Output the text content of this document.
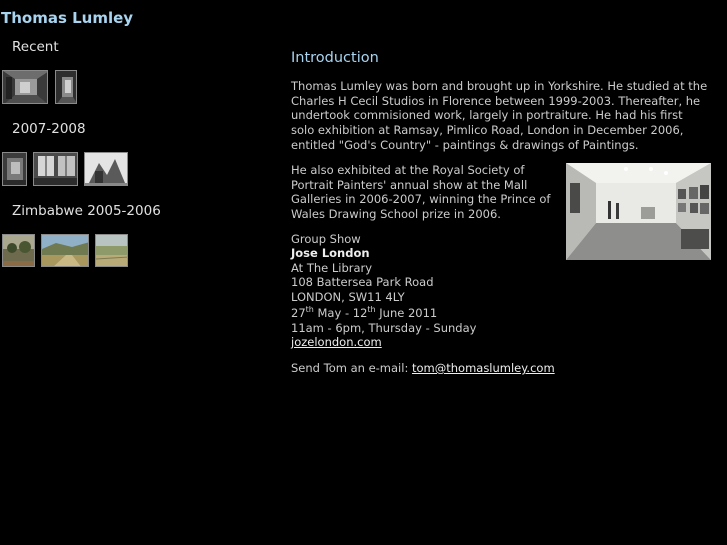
Thomas Lumley
Recent
2007-2008
Zimbabwe 2005-2006
Introduction

Thomas Lumley was born and brought up in Yorkshire. He studied at the Charles H Cecil Studios in Florence between 1999-2003. Thereafter, he undertook commisioned work, largely in portraiture. He had his first solo exhibition at Ramsay, Pimlico Road, London in December 2006, entitled "God's Country" - paintings & drawings of Paintings.

He also exhibited at the Royal Society of Portrait Painters' annual show at the Mall Galleries in 2006-2007, winning the Prince of Wales Drawing School prize in 2006.

Group Show

Jose London

At The Library

108 Battersea Park Road

LONDON, SW11 4LY

27th May - 12th June 2011

11am - 6pm, Thursday - Sunday

jozelondon.com

Send Tom an e-mail: tom@thomaslumley.com
